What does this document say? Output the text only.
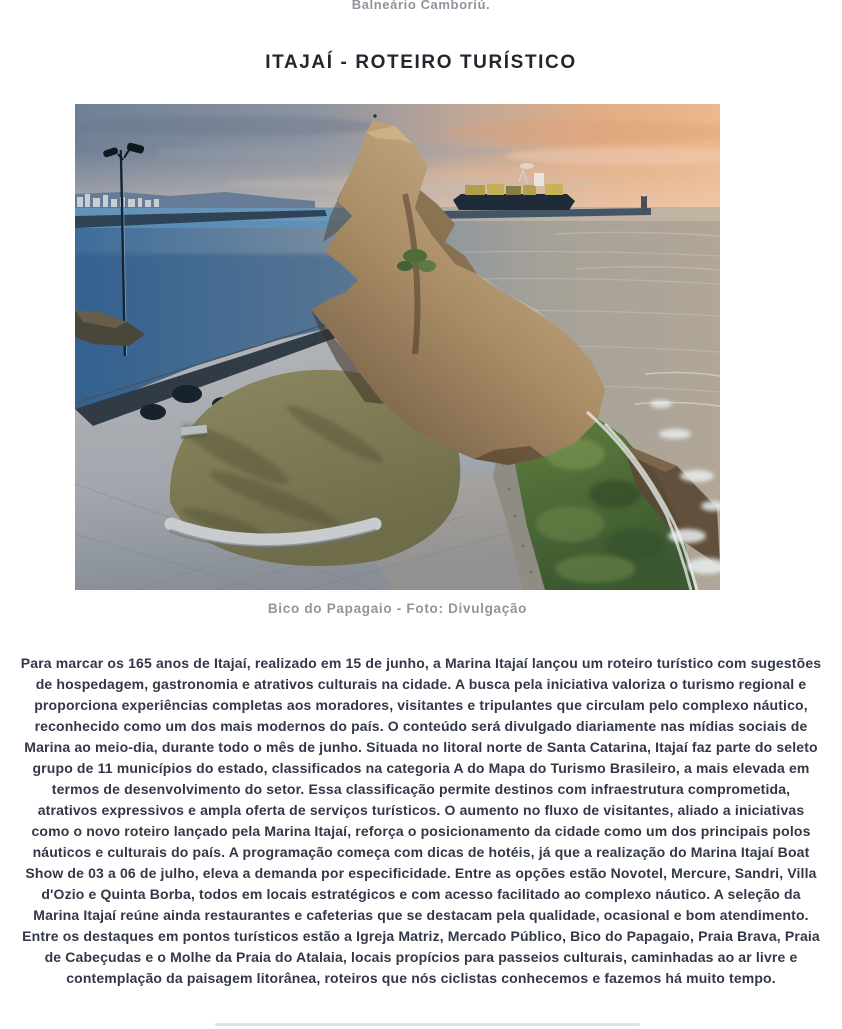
Balneário Camboriú.

ITAJAÍ - ROTEIRO TURÍSTICO
Bico do Papagaio - Foto: Divulgação

Para marcar os 165 anos de Itajaí, realizado em 15 de junho, a Marina Itajaí lançou um roteiro turístico com sugestões de hospedagem, gastronomia e atrativos culturais na cidade. A busca pela iniciativa valoriza o turismo regional e proporciona experiências completas aos moradores, visitantes e tripulantes que circulam pelo complexo náutico, reconhecido como um dos mais modernos do país. O conteúdo será divulgado diariamente nas mídias sociais de Marina ao meio-dia, durante todo o mês de junho. Situada no litoral norte de Santa Catarina, Itajaí faz parte do seleto grupo de 11 municípios do estado, classificados na categoria A do Mapa do Turismo Brasileiro, a mais elevada em termos de desenvolvimento do setor. Essa classificação permite destinos com infraestrutura comprometida, atrativos expressivos e ampla oferta de serviços turísticos. O aumento no fluxo de visitantes, aliado a iniciativas como o novo roteiro lançado pela Marina Itajaí, reforça o posicionamento da cidade como um dos principais polos náuticos e culturais do país. A programação começa com dicas de hotéis, já que a realização do Marina Itajaí Boat Show de 03 a 06 de julho, eleva a demanda por especificidade. Entre as opções estão Novotel, Mercure, Sandri, Villa d'Ozio e Quinta Borba, todos em locais estratégicos e com acesso facilitado ao complexo náutico. A seleção da Marina Itajaí reúne ainda restaurantes e cafeterias que se destacam pela qualidade, ocasional e bom atendimento. Entre os destaques em pontos turísticos estão a Igreja Matriz, Mercado Público, Bico do Papagaio, Praia Brava, Praia de Cabeçudas e o Molhe da Praia do Atalaia, locais propícios para passeios culturais, caminhadas ao ar livre e contemplação da paisagem litorânea, roteiros que nós ciclistas conhecemos e fazemos há muito tempo.
